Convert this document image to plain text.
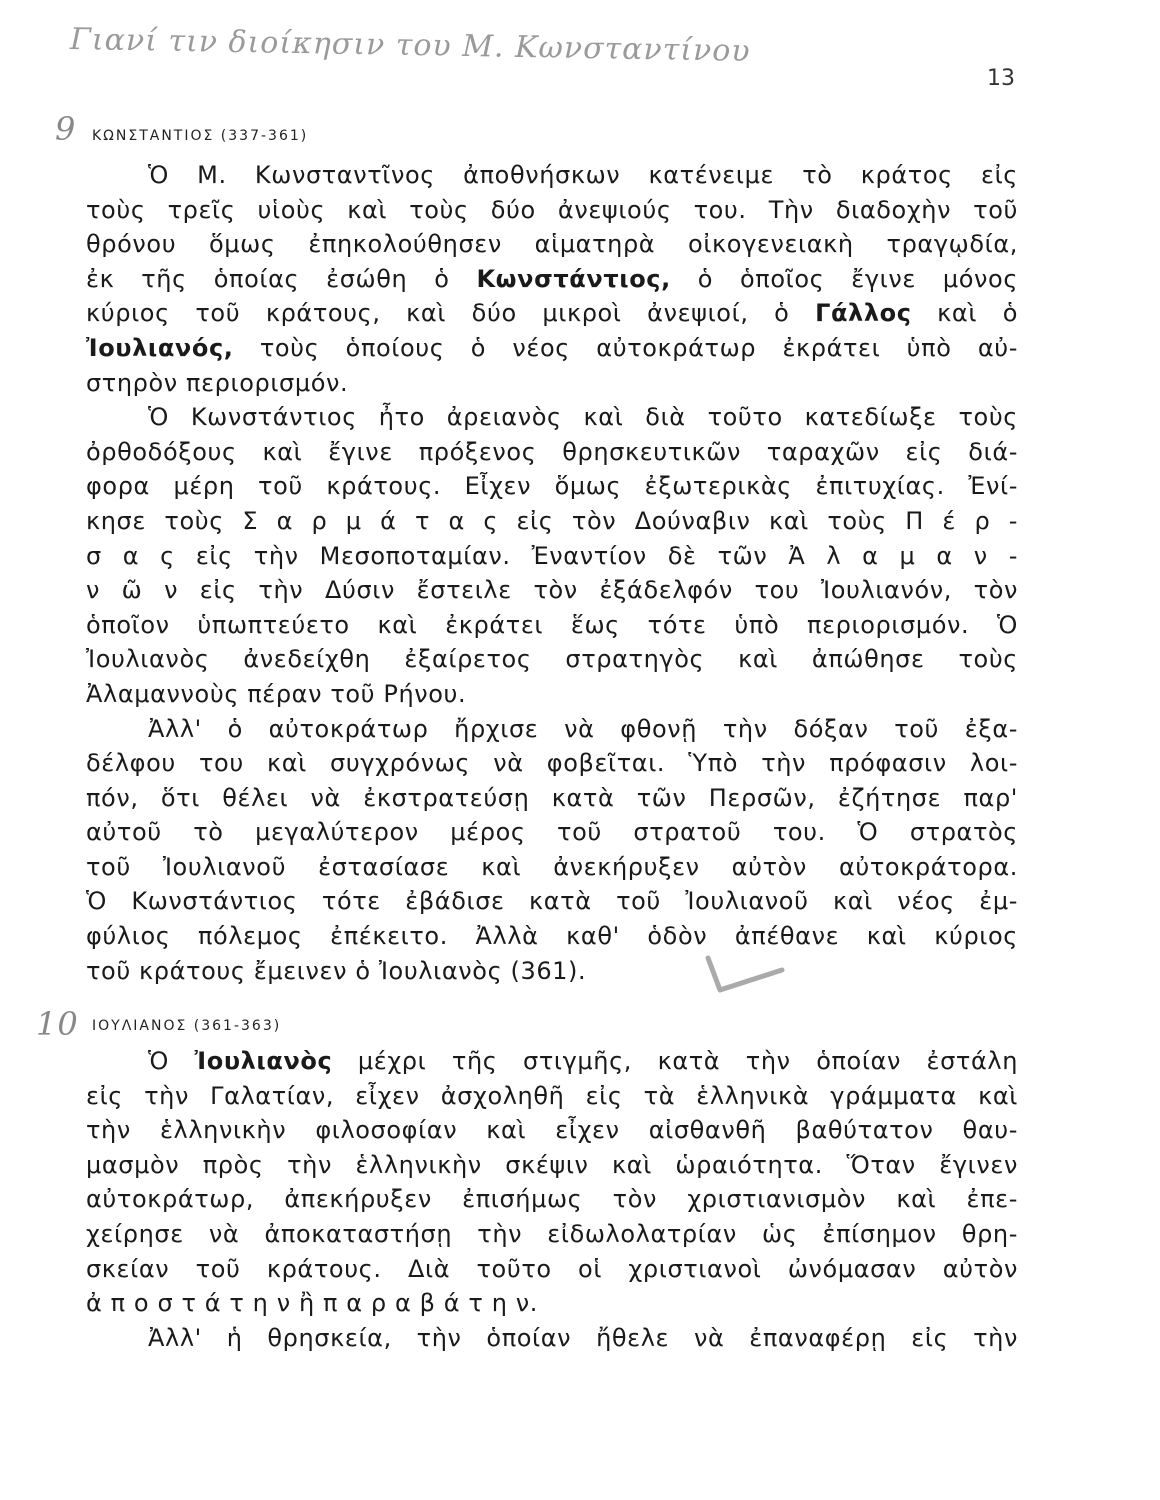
Γιανί τιν διοίκησιν του Μ. Κωνσταντίνου
9
10
13
ΚΩΝΣΤΑΝΤΙΟΣ (337-361)
Ὁ Μ. Κωνσταντῖνος ἀποθνήσκων κατένειμε τὸ κράτος εἰς
τοὺς τρεῖς υἱοὺς καὶ τοὺς δύο ἀνεψιούς του. Τὴν διαδοχὴν τοῦ
θρόνου ὅμως ἐπηκολούθησεν αἱματηρὰ οἰκογενειακὴ τραγῳδία,
ἐκ τῆς ὁποίας ἐσώθη ὁ Κωνστάντιος, ὁ ὁποῖος ἔγινε μόνος
κύριος τοῦ κράτους, καὶ δύο μικροὶ ἀνεψιοί, ὁ Γάλλος καὶ ὁ
Ἰουλιανός, τοὺς ὁποίους ὁ νέος αὐτοκράτωρ ἐκράτει ὑπὸ αὐ-
στηρὸν περιορισμόν.
Ὁ Κωνστάντιος ἦτο ἀρειανὸς καὶ διὰ τοῦτο κατεδίωξε τοὺς
ὀρθοδόξους καὶ ἔγινε πρόξενος θρησκευτικῶν ταραχῶν εἰς διά-
φορα μέρη τοῦ κράτους. Εἶχεν ὅμως ἐξωτερικὰς ἐπιτυχίας. Ἐνί-
κησε τοὺς Σ α ρ μ ά τ α ς εἰς τὸν Δούναβιν καὶ τοὺς Π έ ρ -
σ α ς εἰς τὴν Μεσοποταμίαν. Ἐναντίον δὲ τῶν Ἀ λ α μ α ν -
ν ῶ ν εἰς τὴν Δύσιν ἔστειλε τὸν ἐξάδελφόν του Ἰουλιανόν, τὸν
ὁποῖον ὑπωπτεύετο καὶ ἐκράτει ἕως τότε ὑπὸ περιορισμόν. Ὁ
Ἰουλιανὸς ἀνεδείχθη ἐξαίρετος στρατηγὸς καὶ ἀπώθησε τοὺς
Ἀλαμαννοὺς πέραν τοῦ Ρήνου.
Ἀλλ' ὁ αὐτοκράτωρ ἤρχισε νὰ φθονῇ τὴν δόξαν τοῦ ἐξα-
δέλφου του καὶ συγχρόνως νὰ φοβεῖται. Ὑπὸ τὴν πρόφασιν λοι-
πόν, ὅτι θέλει νὰ ἐκστρατεύσῃ κατὰ τῶν Περσῶν, ἐζήτησε παρ'
αὐτοῦ τὸ μεγαλύτερον μέρος τοῦ στρατοῦ του. Ὁ στρατὸς
τοῦ Ἰουλιανοῦ ἐστασίασε καὶ ἀνεκήρυξεν αὐτὸν αὐτοκράτορα.
Ὁ Κωνστάντιος τότε ἐβάδισε κατὰ τοῦ Ἰουλιανοῦ καὶ νέος ἐμ-
φύλιος πόλεμος ἐπέκειτο. Ἀλλὰ καθ' ὁδὸν ἀπέθανε καὶ κύριος
τοῦ κράτους ἔμεινεν ὁ Ἰουλιανὸς (361).
ΙΟΥΛΙΑΝΟΣ (361-363)
Ὁ Ἰουλιανὸς μέχρι τῆς στιγμῆς, κατὰ τὴν ὁποίαν ἐστάλη
εἰς τὴν Γαλατίαν, εἶχεν ἀσχοληθῆ εἰς τὰ ἑλληνικὰ γράμματα καὶ
τὴν ἑλληνικὴν φιλοσοφίαν καὶ εἶχεν αἰσθανθῆ βαθύτατον θαυ-
μασμὸν πρὸς τὴν ἑλληνικὴν σκέψιν καὶ ὡραιότητα. Ὅταν ἔγινεν
αὐτοκράτωρ, ἀπεκήρυξεν ἐπισήμως τὸν χριστιανισμὸν καὶ ἐπε-
χείρησε νὰ ἀποκαταστήσῃ τὴν εἰδωλολατρίαν ὡς ἐπίσημον θρη-
σκείαν τοῦ κράτους. Διὰ τοῦτο οἱ χριστιανοὶ ὠνόμασαν αὐτὸν
ἀ π ο σ τ ά τ η ν ἢ π α ρ α β ά τ η ν.
Ἀλλ' ἡ θρησκεία, τὴν ὁποίαν ἤθελε νὰ ἐπαναφέρῃ εἰς τὴν
